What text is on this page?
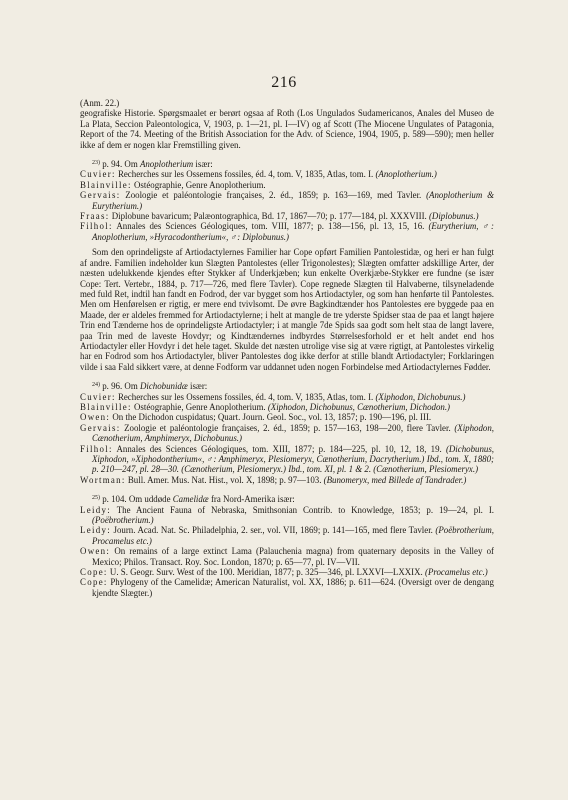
216

(Anm. 22.)

geografiske Historie. Spørgsmaalet er berørt ogsaa af Roth (Los Ungulados Sudamericanos, Anales del Museo de La Plata, Seccion Paleontologica, V, 1903, p. 1—21, pl. I—IV) og af Scott (The Miocene Ungulates of Patagonia, Report of the 74. Meeting of the British Association for the Adv. of Science, 1904, 1905, p. 589—590); men heller ikke af dem er nogen klar Fremstilling given.

$^{23)}$ p. 94. Om Anoplotherium især:

Cuvier: Recherches sur les Ossemens fossiles, éd. 4, tom. V, 1835, Atlas, tom. I. (Anoplotherium.)

Blainville: Ostéographie, Genre Anoplotherium.

Gervais: Zoologie et paléontologie françaises, 2. éd., 1859; p. 163—169, med Tavler. (Anoplotherium & Eurytherium.)

Fraas: Diplobune bavaricum; Palæontographica, Bd. 17, 1867—70; p. 177—184, pl. XXXVIII. (Diplobunus.)

Filhol: Annales des Sciences Géologiques, tom. VIII, 1877; p. 138—156, pl. 13, 15, 16. (Eurytherium, ♂: Anoplotherium, »Hyracodontherium«, ♂: Diplobunus.)

Som den oprindeligste af Artiodactylernes Familier har Cope opført Familien Pantolestidæ, og heri er han fulgt af andre. Familien indeholder kun Slægten Pantolestes (eller Trigonolestes); Slægten omfatter adskillige Arter, der næsten udelukkende kjendes efter Stykker af Underkjæben; kun enkelte Overkjæbe-Stykker ere fundne (se især Cope: Tert. Vertebr., 1884, p. 717—726, med flere Tavler). Cope regnede Slægten til Halvaberne, tilsyneladende med fuld Ret, indtil han fandt en Fodrod, der var bygget som hos Artiodactyler, og som han henførte til Pantolestes. Men om Henførelsen er rigtig, er mere end tvivlsomt. De øvre Bagkindtænder hos Pantolestes ere byggede paa en Maade, der er aldeles fremmed for Artiodactylerne; i helt at mangle de tre yderste Spidser staa de paa et langt højere Trin end Tænderne hos de oprindeligste Artiodactyler; i at mangle 7de Spids saa godt som helt staa de langt lavere, paa Trin med de laveste Hovdyr; og Kindtændernes indbyrdes Størrelsesforhold er et helt andet end hos Artiodactyler eller Hovdyr i det hele taget. Skulde det næsten utrolige vise sig at være rigtigt, at Pantolestes virkelig har en Fodrod som hos Artiodactyler, bliver Pantolestes dog ikke derfor at stille blandt Artiodactyler; Forklaringen vilde i saa Fald sikkert være, at denne Fodform var uddannet uden nogen Forbindelse med Artiodactylernes Fødder.

$^{24)}$ p. 96. Om Dichobunidæ især:

Cuvier: Recherches sur les Ossemens fossiles, éd. 4, tom. V, 1835, Atlas, tom. I. (Xiphodon, Dichobunus.)

Blainville: Ostéographie, Genre Anoplotherium. (Xiphodon, Dichobunus, Cænotherium, Dichodon.)

Owen: On the Dichodon cuspidatus; Quart. Journ. Geol. Soc., vol. 13, 1857; p. 190—196, pl. III.

Gervais: Zoologie et paléontologie françaises, 2. éd., 1859; p. 157—163, 198—200, flere Tavler. (Xiphodon, Cænotherium, Amphimeryx, Dichobunus.)

Filhol: Annales des Sciences Géologiques, tom. XIII, 1877; p. 184—225, pl. 10, 12, 18, 19. (Dichobunus, Xiphodon, »Xiphodontherium«, ♂: Amphimeryx, Plesiomeryx, Cænotherium, Dacrytherium.) Ibd., tom. X, 1880; p. 210—247, pl. 28—30. (Cænotherium, Plesiomeryx.) Ibd., tom. XI, pl. 1 & 2. (Cænotherium, Plesiomeryx.)

Wortman: Bull. Amer. Mus. Nat. Hist., vol. X, 1898; p. 97—103. (Bunomeryx, med Billede af Tandrader.)

$^{25)}$ p. 104. Om uddøde Camelidæ fra Nord-Amerika især:

Leidy: The Ancient Fauna of Nebraska, Smithsonian Contrib. to Knowledge, 1853; p. 19—24, pl. I. (Poëbrotherium.)

Leidy: Journ. Acad. Nat. Sc. Philadelphia, 2. ser., vol. VII, 1869; p. 141—165, med flere Tavler. (Poëbrotherium, Procamelus etc.)

Owen: On remains of a large extinct Lama (Palauchenia magna) from quaternary deposits in the Valley of Mexico; Philos. Transact. Roy. Soc. London, 1870; p. 65—77, pl. IV—VII.

Cope: U. S. Geogr. Surv. West of the 100. Meridian, 1877; p. 325—346, pl. LXXVI—LXXIX. (Procamelus etc.)

Cope: Phylogeny of the Camelidæ; American Naturalist, vol. XX, 1886; p. 611—624. (Oversigt over de dengang kjendte Slægter.)
